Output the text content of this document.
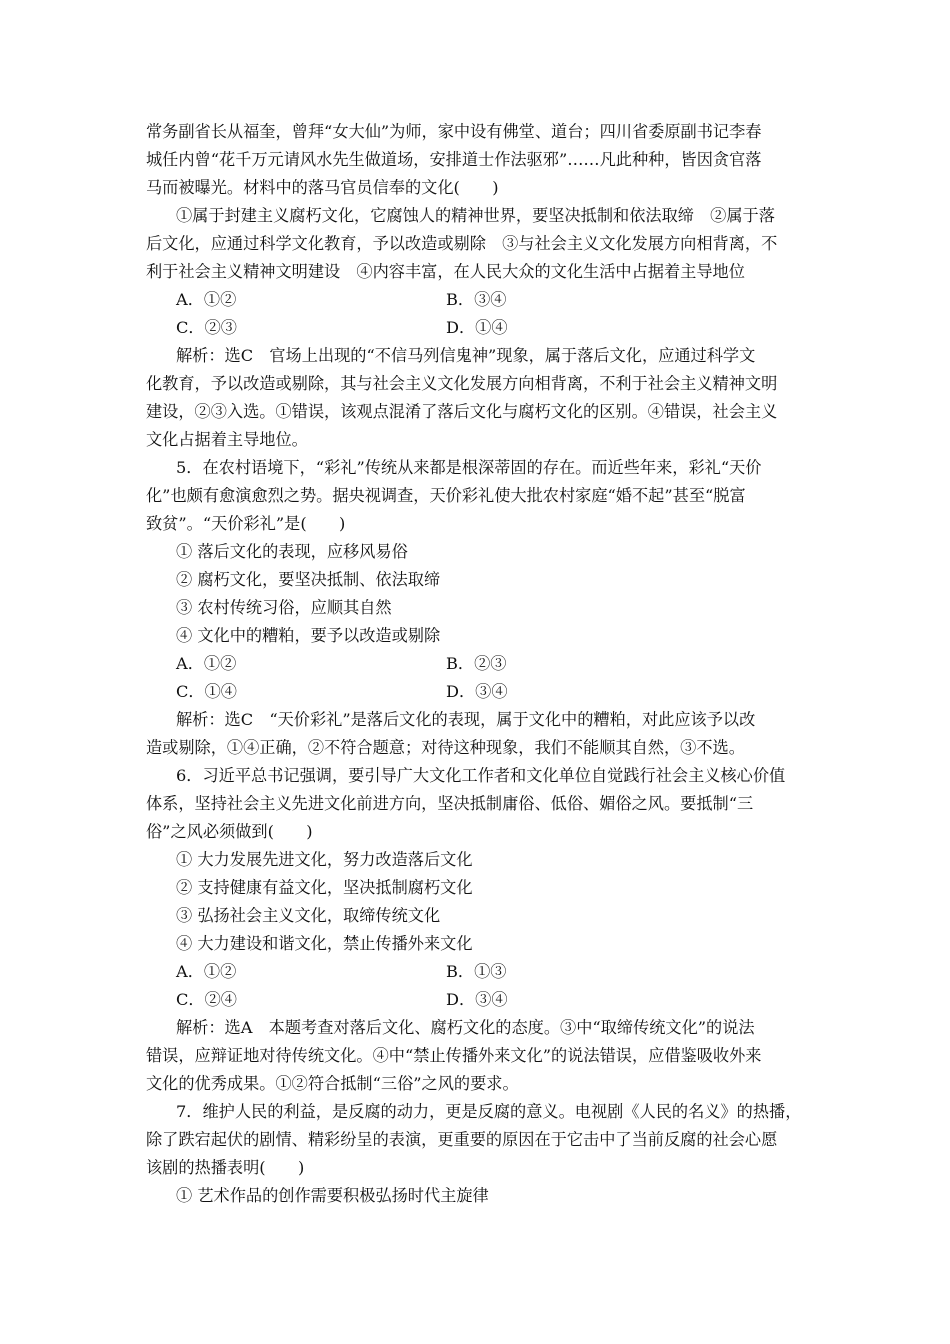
常务副省长从福奎，曾拜“女大仙”为师，家中设有佛堂、道台；四川省委原副书记李春
城任内曾“花千万元请风水先生做道场，安排道士作法驱邪”……凡此种种，皆因贪官落
马而被曝光。材料中的落马官员信奉的文化(　　)
①属于封建主义腐朽文化，它腐蚀人的精神世界，要坚决抵制和依法取缔　②属于落
后文化，应通过科学文化教育，予以改造或剔除　③与社会主义文化发展方向相背离，不
利于社会主义精神文明建设　④内容丰富，在人民大众的文化生活中占据着主导地位
A．①②	B．③④
C．②③	D．①④
解析：选C　官场上出现的“不信马列信鬼神”现象，属于落后文化，应通过科学文
化教育，予以改造或剔除，其与社会主义文化发展方向相背离，不利于社会主义精神文明
建设，②③入选。①错误，该观点混淆了落后文化与腐朽文化的区别。④错误，社会主义
文化占据着主导地位。
5．在农村语境下，“彩礼”传统从来都是根深蒂固的存在。而近些年来，彩礼“天价
化”也颇有愈演愈烈之势。据央视调查，天价彩礼使大批农村家庭“婚不起”甚至“脱富
致贫”。“天价彩礼”是(　　)
① 落后文化的表现，应移风易俗
② 腐朽文化，要坚决抵制、依法取缔
③ 农村传统习俗，应顺其自然
④ 文化中的糟粕，要予以改造或剔除
A．①②	B．②③
C．①④	D．③④
解析：选C　“天价彩礼”是落后文化的表现，属于文化中的糟粕，对此应该予以改
造或剔除，①④正确，②不符合题意；对待这种现象，我们不能顺其自然，③不选。
6．习近平总书记强调，要引导广大文化工作者和文化单位自觉践行社会主义核心价值
体系，坚持社会主义先进文化前进方向，坚决抵制庸俗、低俗、媚俗之风。要抵制“三
俗”之风必须做到(　　)
① 大力发展先进文化，努力改造落后文化
② 支持健康有益文化，坚决抵制腐朽文化
③ 弘扬社会主义文化，取缔传统文化
④ 大力建设和谐文化，禁止传播外来文化
A．①②	B．①③
C．②④	D．③④
解析：选A　本题考查对落后文化、腐朽文化的态度。③中“取缔传统文化”的说法
错误，应辩证地对待传统文化。④中“禁止传播外来文化”的说法错误，应借鉴吸收外来
文化的优秀成果。①②符合抵制“三俗”之风的要求。
7．维护人民的利益，是反腐的动力，更是反腐的意义。电视剧《人民的名义》的热播，
除了跌宕起伏的剧情、精彩纷呈的表演，更重要的原因在于它击中了当前反腐的社会心愿
该剧的热播表明(　　)
① 艺术作品的创作需要积极弘扬时代主旋律
